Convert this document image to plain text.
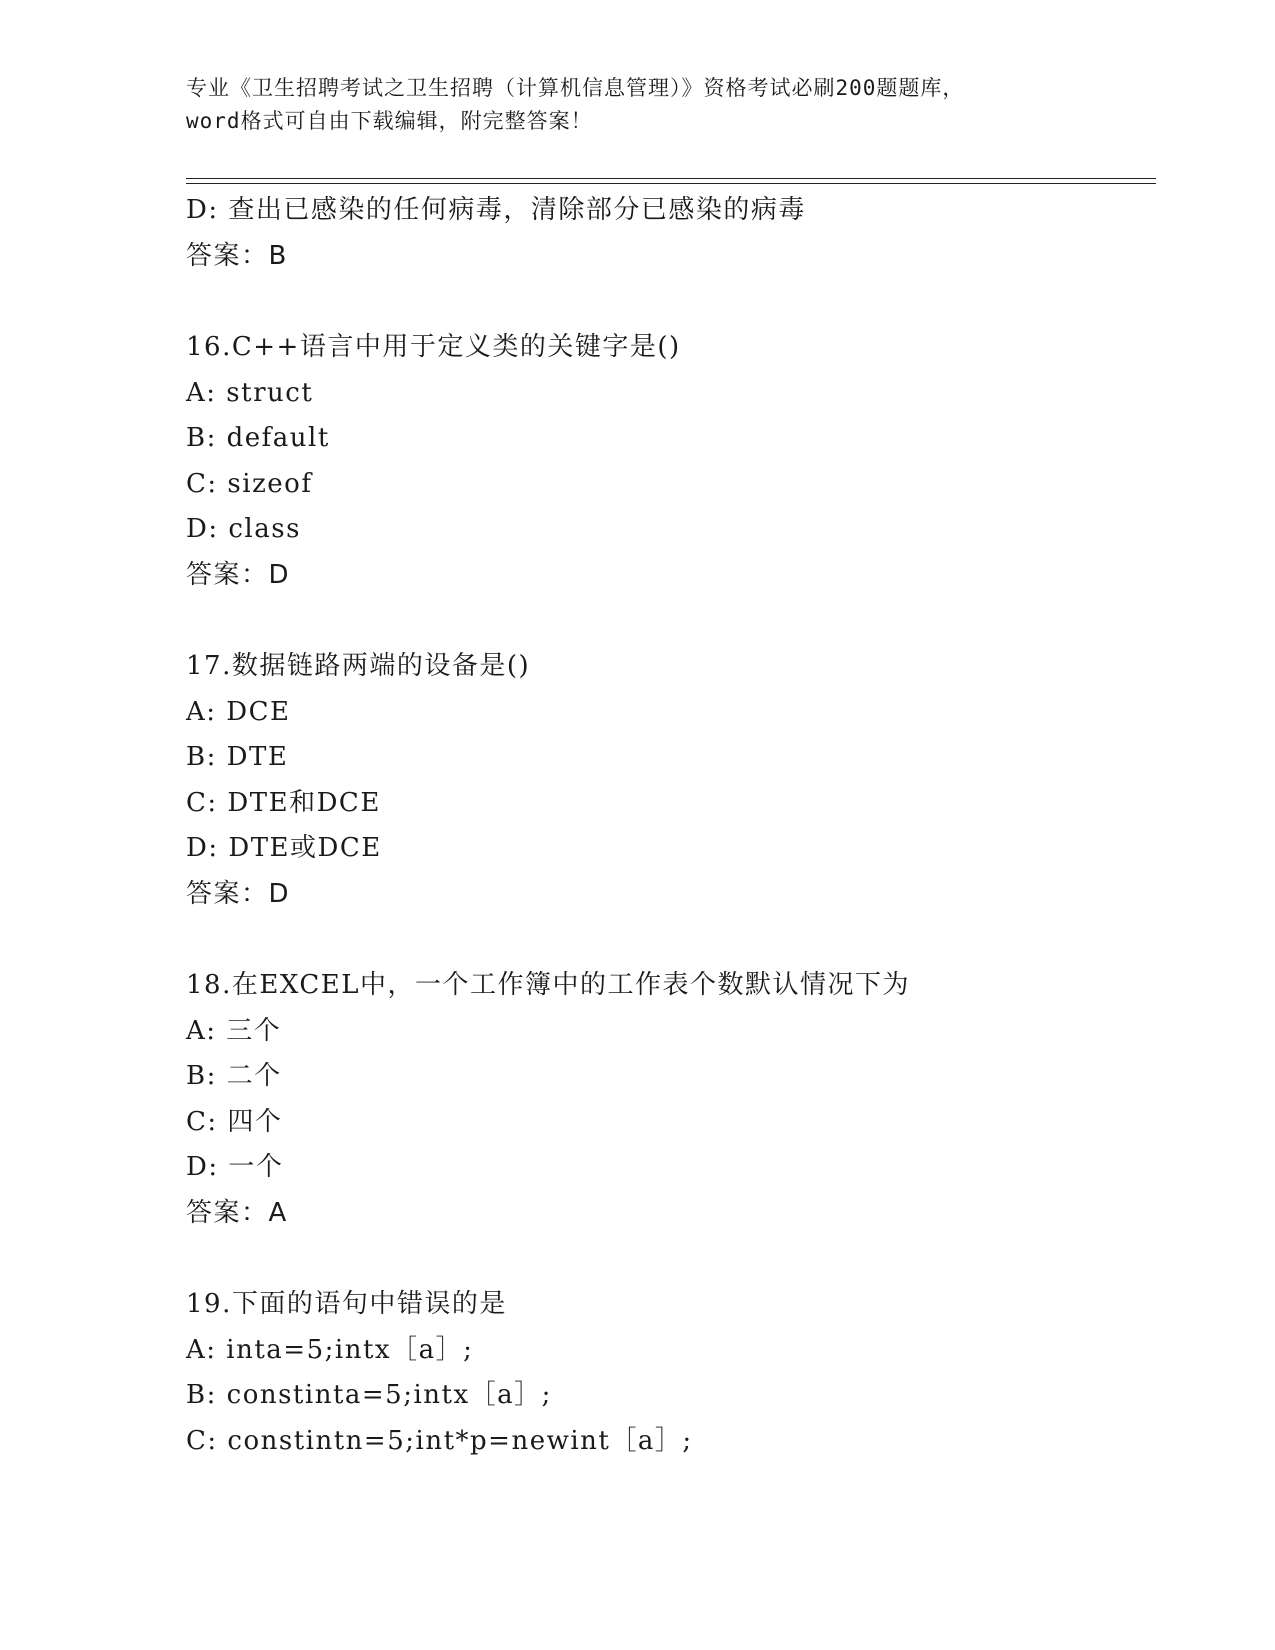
专业《卫生招聘考试之卫生招聘（计算机信息管理）》资格考试必刷200题题库，
word格式可自由下载编辑，附完整答案！
D: 查出已感染的任何病毒，清除部分已感染的病毒
答案：B
16.C++语言中用于定义类的关键字是()
A: struct
B: default
C: sizeof
D: class
答案：D
17.数据链路两端的设备是()
A: DCE
B: DTE
C: DTE和DCE
D: DTE或DCE
答案：D
18.在EXCEL中，一个工作簿中的工作表个数默认情况下为
A: 三个
B: 二个
C: 四个
D: 一个
答案：A
19.下面的语句中错误的是
A: inta=5;intx［a］;
B: constinta=5;intx［a］;
C: constintn=5;int*p=newint［a］;
